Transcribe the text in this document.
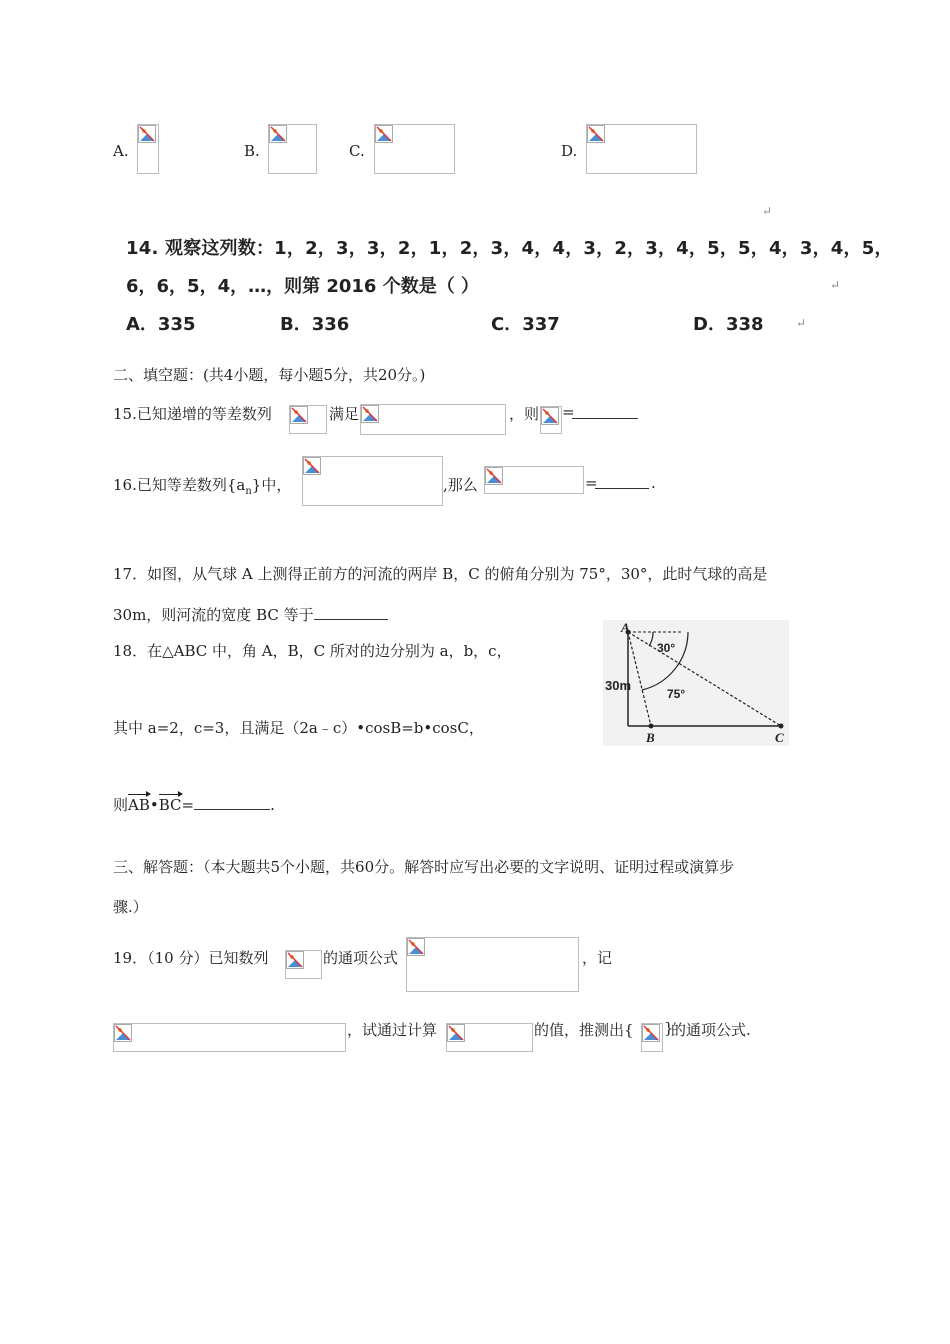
A.	B.	C.	D.
↵
14. 观察这列数：1，2，3，3，2，1，2，3，4，4，3，2，3，4，5，5，4，3，4，5，
6，6，5，4，…，则第 2016 个数是（ ）	↵
A．335	B．336	C．337	D．338	↵
二、填空题：(共4小题，每小题5分，共20分。)
15.已知递增的等差数列	满足	，则 =
16.已知等差数列$\{a_n\}$中，	,那么	=	.
17．如图，从气球 A 上测得正前方的河流的两岸 B，C 的俯角分别为 75°，30°，此时气球的高是
30m，则河流的宽度 BC 等于
A
B	C
30°
75°
30m
18．在△ABC 中，角 A，B，C 所对的边分别为 a，b，c，
其中 a=2，c=3，且满足（2a﹣c）•cosB=b•cosC，
则AB•BC=	.
三、解答题：（本大题共5个小题，共60分。解答时应写出必要的文字说明、证明过程或演算步
骤.）
19．（10 分）已知数列	的通项公式	，记
，试通过计算	的值，推测出{ }
的通项公式.
